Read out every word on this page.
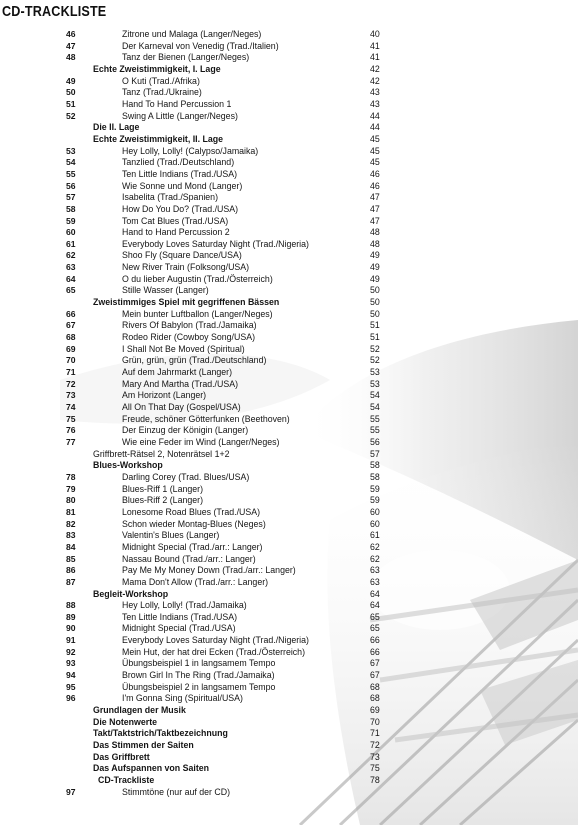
CD-TRACKLISTE
46	Zitrone und Malaga (Langer/Neges)	40
47	Der Karneval von Venedig (Trad./Italien)	41
48	Tanz der Bienen (Langer/Neges)	41
Echte Zweistimmigkeit, I. Lage	42
49	O Kuti (Trad./Afrika)	42
50	Tanz (Trad./Ukraine)	43
51	Hand To Hand Percussion 1	43
52	Swing A Little (Langer/Neges)	44
Die II. Lage	44
Echte Zweistimmigkeit, II. Lage	45
53	Hey Lolly, Lolly! (Calypso/Jamaika)	45
54	Tanzlied (Trad./Deutschland)	45
55	Ten Little Indians (Trad./USA)	46
56	Wie Sonne und Mond (Langer)	46
57	Isabelita (Trad./Spanien)	47
58	How Do You Do? (Trad./USA)	47
59	Tom Cat Blues (Trad./USA)	47
60	Hand to Hand Percussion 2	48
61	Everybody Loves Saturday Night (Trad./Nigeria)	48
62	Shoo Fly (Square Dance/USA)	49
63	New River Train (Folksong/USA)	49
64	O du lieber Augustin (Trad./Österreich)	49
65	Stille Wasser (Langer)	50
Zweistimmiges Spiel mit gegriffenen Bässen	50
66	Mein bunter Luftballon (Langer/Neges)	50
67	Rivers Of Babylon (Trad./Jamaika)	51
68	Rodeo Rider (Cowboy Song/USA)	51
69	I Shall Not Be Moved (Spiritual)	52
70	Grün, grün, grün (Trad./Deutschland)	52
71	Auf dem Jahrmarkt (Langer)	53
72	Mary And Martha (Trad./USA)	53
73	Am Horizont (Langer)	54
74	All On That Day (Gospel/USA)	54
75	Freude, schöner Götterfunken (Beethoven)	55
76	Der Einzug der Königin (Langer)	55
77	Wie eine Feder im Wind (Langer/Neges)	56
Griffbrett-Rätsel 2, Notenrätsel 1+2	57
Blues-Workshop	58
78	Darling Corey (Trad. Blues/USA)	58
79	Blues-Riff 1 (Langer)	59
80	Blues-Riff 2 (Langer)	59
81	Lonesome Road Blues (Trad./USA)	60
82	Schon wieder Montag-Blues (Neges)	60
83	Valentin's Blues (Langer)	61
84	Midnight Special (Trad./arr.: Langer)	62
85	Nassau Bound (Trad./arr.: Langer)	62
86	Pay Me My Money Down (Trad./arr.: Langer)	63
87	Mama Don't Allow (Trad./arr.: Langer)	63
Begleit-Workshop	64
88	Hey Lolly, Lolly! (Trad./Jamaika)	64
89	Ten Little Indians (Trad./USA)	65
90	Midnight Special (Trad./USA)	65
91	Everybody Loves Saturday Night (Trad./Nigeria)	66
92	Mein Hut, der hat drei Ecken (Trad./Österreich)	66
93	Übungsbeispiel 1 in langsamem Tempo	67
94	Brown Girl In The Ring (Trad./Jamaika)	67
95	Übungsbeispiel 2 in langsamem Tempo	68
96	I'm Gonna Sing (Spiritual/USA)	68
Grundlagen der Musik	69
Die Notenwerte	70
Takt/Taktstrich/Taktbezeichnung	71
Das Stimmen der Saiten	72
Das Griffbrett	73
Das Aufspannen von Saiten	75
CD-Trackliste	78
97	Stimmtöne (nur auf der CD)
